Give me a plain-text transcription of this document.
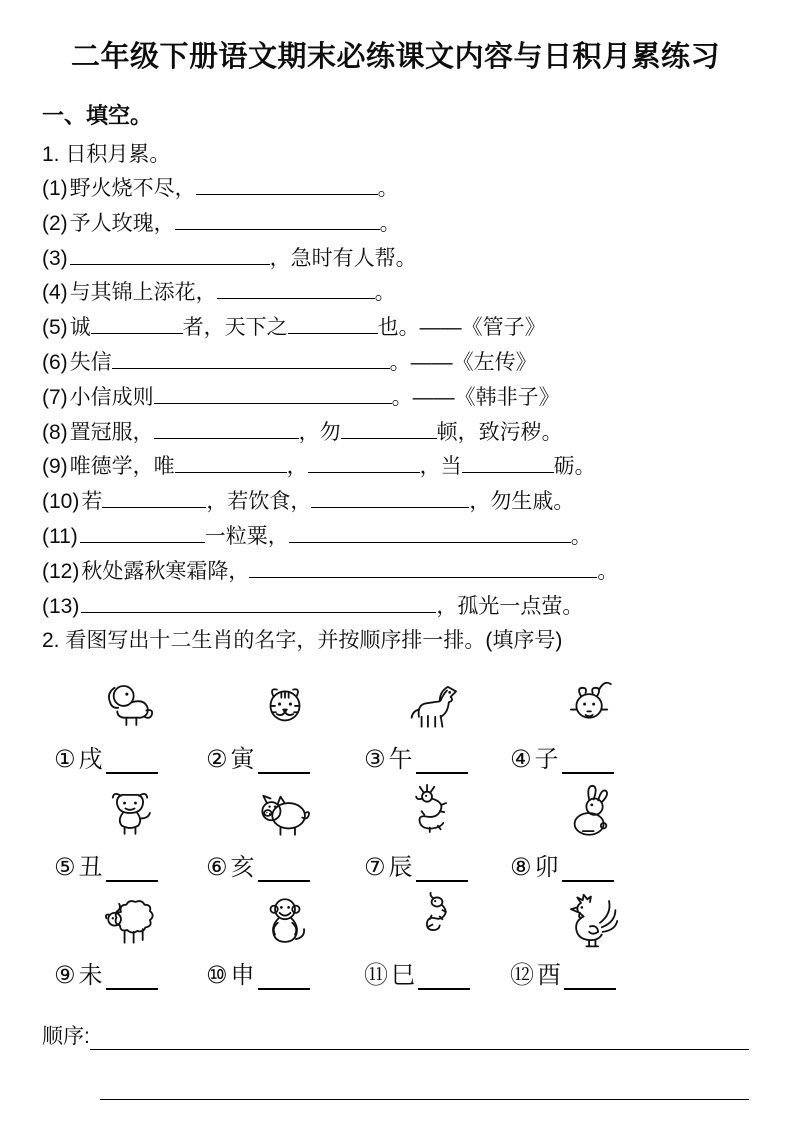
二年级下册语文期末必练课文内容与日积月累练习
一、填空。
1. 日积月累。
(1)野火烧不尽，	。
(2)予人玫瑰，	。
(3)	，急时有人帮。
(4)与其锦上添花，	。
(5)诚	者，天下之	也。——《管子》
(6)失信	。——《左传》
(7)小信成则	。——《韩非子》
(8)置冠服，	，勿	顿，致污秽。
(9)唯德学，唯	，	，当	砺。
(10)若	，若饮食，	，勿生戚。
(11)	一粒粟，	。
(12)秋处露秋寒霜降，	。
(13)	，孤光一点萤。
2. 看图写出十二生肖的名字，并按顺序排一排。(填序号)
① 戌	② 寅	③ 午	④ 子
⑤ 丑	⑥ 亥	⑦ 辰	⑧ 卯
⑨ 未	⑩ 申	⑪ 巳	⑫ 酉
顺序:
